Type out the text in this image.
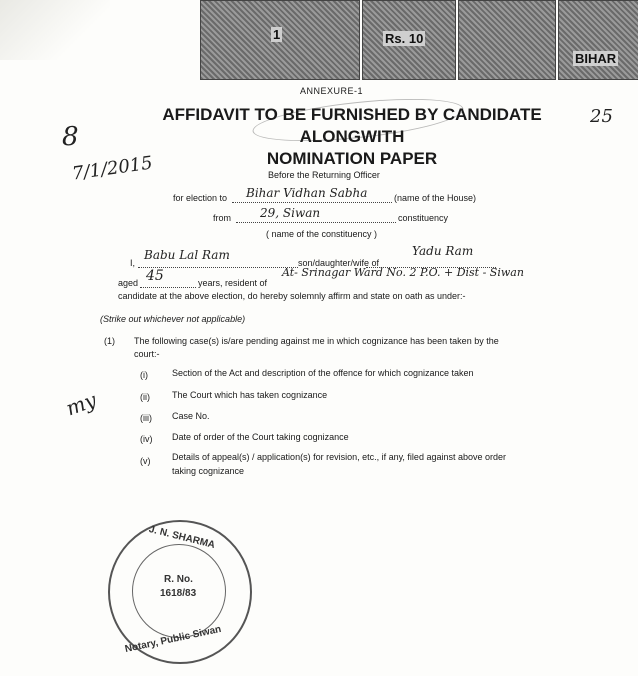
1	Rs. 10
BIHAR
ANNEXURE-1
AFFIDAVIT TO BE FURNISHED BY CANDIDATE ALONGWITH
NOMINATION PAPER
8
7/1/2015
my
25
Before the Returning Officer
for election to Bihar Vidhan Sabha	(name of the House)
from 29, Siwan	constituency
( name of the constituency )
I,
Babu Lal Ram
son/daughter/wife of
Yadu Ram
aged 45	years, resident of
At- Srinagar Ward No. 2 P.O. + Dist - Siwan
candidate at the above election, do hereby solemnly affirm and state on oath as under:-
(Strike out whichever not applicable)
(1) The following case(s) is/are pending against me in which cognizance has been taken by the
court:-
(i)	Section of the Act and description of the offence for which cognizance taken
(ii) The Court which has taken cognizance
(iii) Case No.
(iv) Date of order of the Court taking cognizance
(v) Details of appeal(s) / application(s) for revision, etc., if any, filed against above order
taking cognizance
J. N. SHARMA
R. No.
1618/83
Notary, Public Siwan
